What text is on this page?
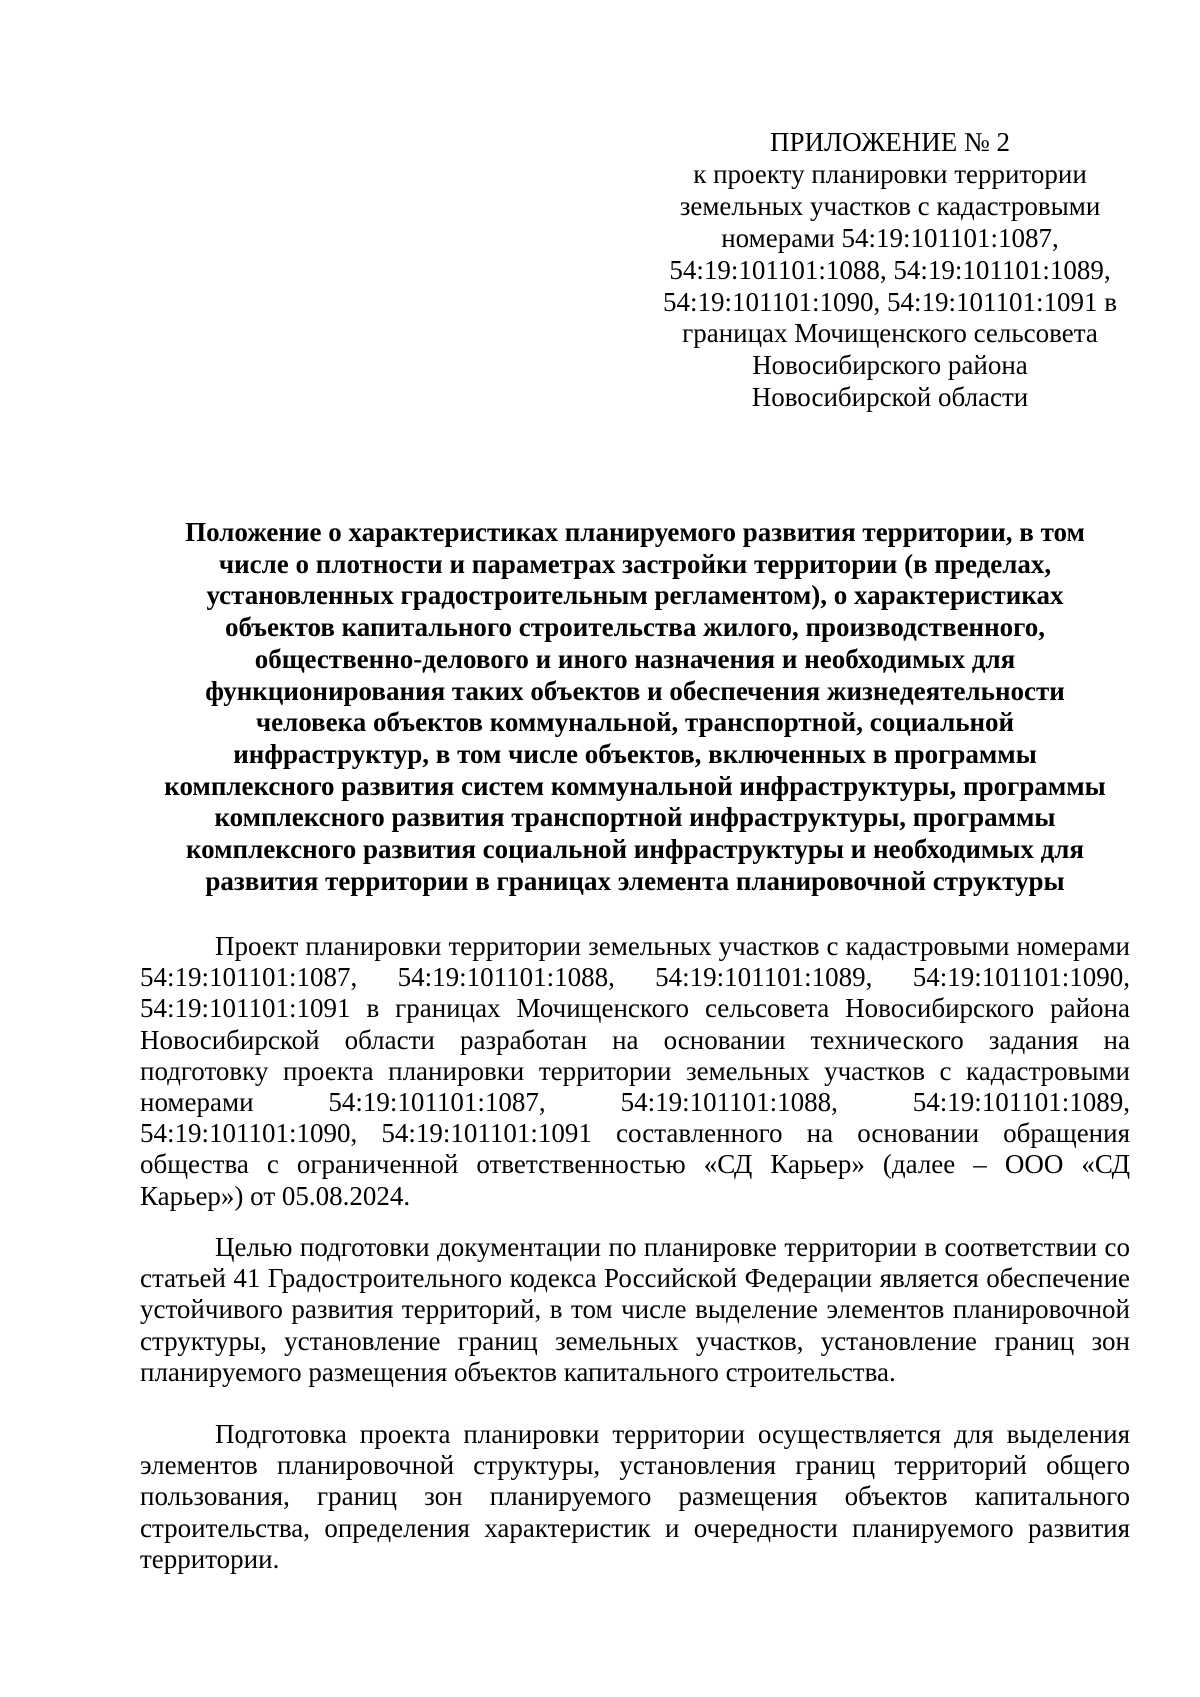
ПРИЛОЖЕНИЕ № 2
к проекту планировки территории
земельных участков с кадастровыми
номерами 54:19:101101:1087,
54:19:101101:1088, 54:19:101101:1089,
54:19:101101:1090, 54:19:101101:1091 в
границах Мочищенского сельсовета
Новосибирского района
Новосибирской области
Положение о характеристиках планируемого развития территории, в том
числе о плотности и параметрах застройки территории (в пределах,
установленных градостроительным регламентом), о характеристиках
объектов капитального строительства жилого, производственного,
общественно-делового и иного назначения и необходимых для
функционирования таких объектов и обеспечения жизнедеятельности
человека объектов коммунальной, транспортной, социальной
инфраструктур, в том числе объектов, включенных в программы
комплексного развития систем коммунальной инфраструктуры, программы
комплексного развития транспортной инфраструктуры, программы
комплексного развития социальной инфраструктуры и необходимых для
развития территории в границах элемента планировочной структуры

Проект планировки территории земельных участков с кадастровыми номерами 54:19:101101:1087, 54:19:101101:1088, 54:19:101101:1089, 54:19:101101:1090, 54:19:101101:1091 в границах Мочищенского сельсовета Новосибирского района Новосибирской области разработан на основании технического задания на подготовку проекта планировки территории земельных участков с кадастровыми номерами 54:19:101101:1087, 54:19:101101:1088, 54:19:101101:1089, 54:19:101101:1090, 54:19:101101:1091 составленного на основании обращения общества с ограниченной ответственностью «СД Карьер» (далее – ООО «СД Карьер») от 05.08.2024.

Целью подготовки документации по планировке территории в соответствии со статьей 41 Градостроительного кодекса Российской Федерации является обеспечение устойчивого развития территорий, в том числе выделение элементов планировочной структуры, установление границ земельных участков, установление границ зон планируемого размещения объектов капитального строительства.

Подготовка проекта планировки территории осуществляется для выделения элементов планировочной структуры, установления границ территорий общего пользования, границ зон планируемого размещения объектов капитального строительства, определения характеристик и очередности планируемого развития территории.
